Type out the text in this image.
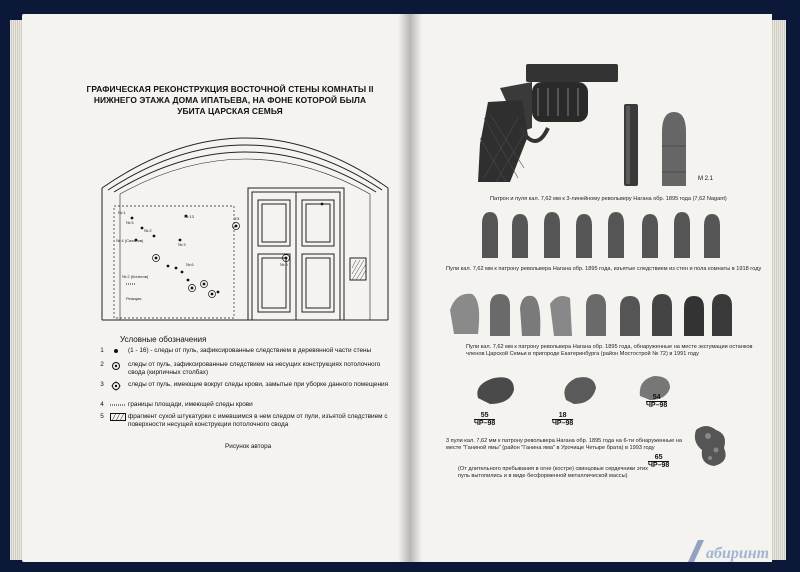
ГРАФИЧЕСКАЯ РЕКОНСТРУКЦИЯ ВОСТОЧНОЙ СТЕНЫ КОМНАТЫ II НИЖНЕГО ЭТАЖА ДОМА ИПАТЬЕВА, НА ФОНЕ КОТОРОЙ БЫЛА УБИТА ЦАРСКАЯ СЕМЬЯ
№ 1
№ 2
№ 3
№ 4 (Сахонов)
№ 5
№ 6
№ 13
№ 2 (Кочетов)
№ 9
Реакция
ЗЭ
Условные обозначения
1	(1 - 16) - следы от пуль, зафиксированные следствием в деревянной части стены
2	следы от пуль, зафиксированные следствием на несущих конструкциях потолочного свода (кирпичных столбах)
3	следы от пуль, имеющие вокруг следы крови, замытые при уборке данного помещения
4	границы площади, имеющей следы крови
5	фрагмент сухой штукатурки с имевшимся в нем следом от пули, изъятой следствием с поверхности несущей конструкции потолочного свода
Рисунок автора
М 2.1
Патрон и пуля кал. 7,62 мм к 3-линейному револьверу Нагана обр. 1895 года (7,62 Nagant)
Пули кал. 7,62 мм к патрону револьвера Нагана обр. 1895 года, изъятые следствием из стен и пола комнаты в 1918 году
Пули кал. 7,62 мм к патрону револьвера Нагана обр. 1895 года, обнаруженные на месте эксгумации останков членов Царской Семьи в пригороде Екатеринбурга (район Мостострой № 72) в 1991 году
55
ЧР–98
18
ЧР–98
54
ЧР–98
3 пули кал. 7,62 мм к патрону револьвера Нагана обр. 1895 года на 6-ти обнаруженные на месте "Ганиной ямы" (район "Ганина яма" в Урочище Четыре брата) в 1993 году
(От длительного пребывания в огне (костре) свинцовые сердечники этих пуль вытопились и в виде бесформенной металлической массы)
65
ЧР–98
абиринт
